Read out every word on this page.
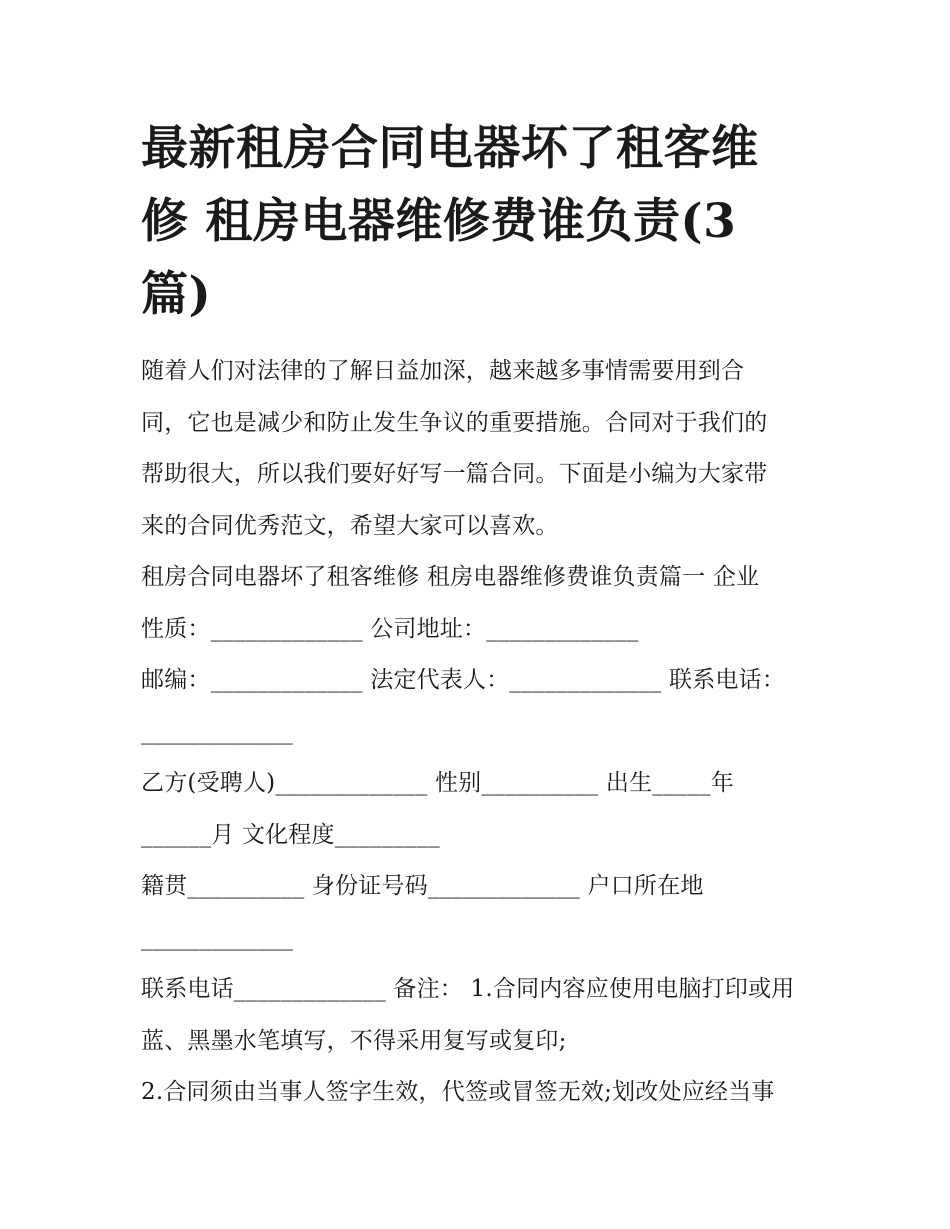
最新租房合同电器坏了租客维
修 租房电器维修费谁负责(3
篇)
随着人们对法律的了解日益加深，越来越多事情需要用到合
同，它也是减少和防止发生争议的重要措施。合同对于我们的
帮助很大，所以我们要好好写一篇合同。下面是小编为大家带
来的合同优秀范文，希望大家可以喜欢。
租房合同电器坏了租客维修 租房电器维修费谁负责篇一 企业
性质：_____________ 公司地址：_____________
邮编：_____________ 法定代表人：_____________ 联系电话：
_____________
乙方(受聘人)_____________ 性别__________ 出生_____年
______月 文化程度_________
籍贯__________ 身份证号码_____________ 户口所在地
_____________
联系电话_____________ 备注： 1.合同内容应使用电脑打印或用
蓝、黑墨水笔填写，不得采用复写或复印;
2.合同须由当事人签字生效，代签或冒签无效;划改处应经当事
